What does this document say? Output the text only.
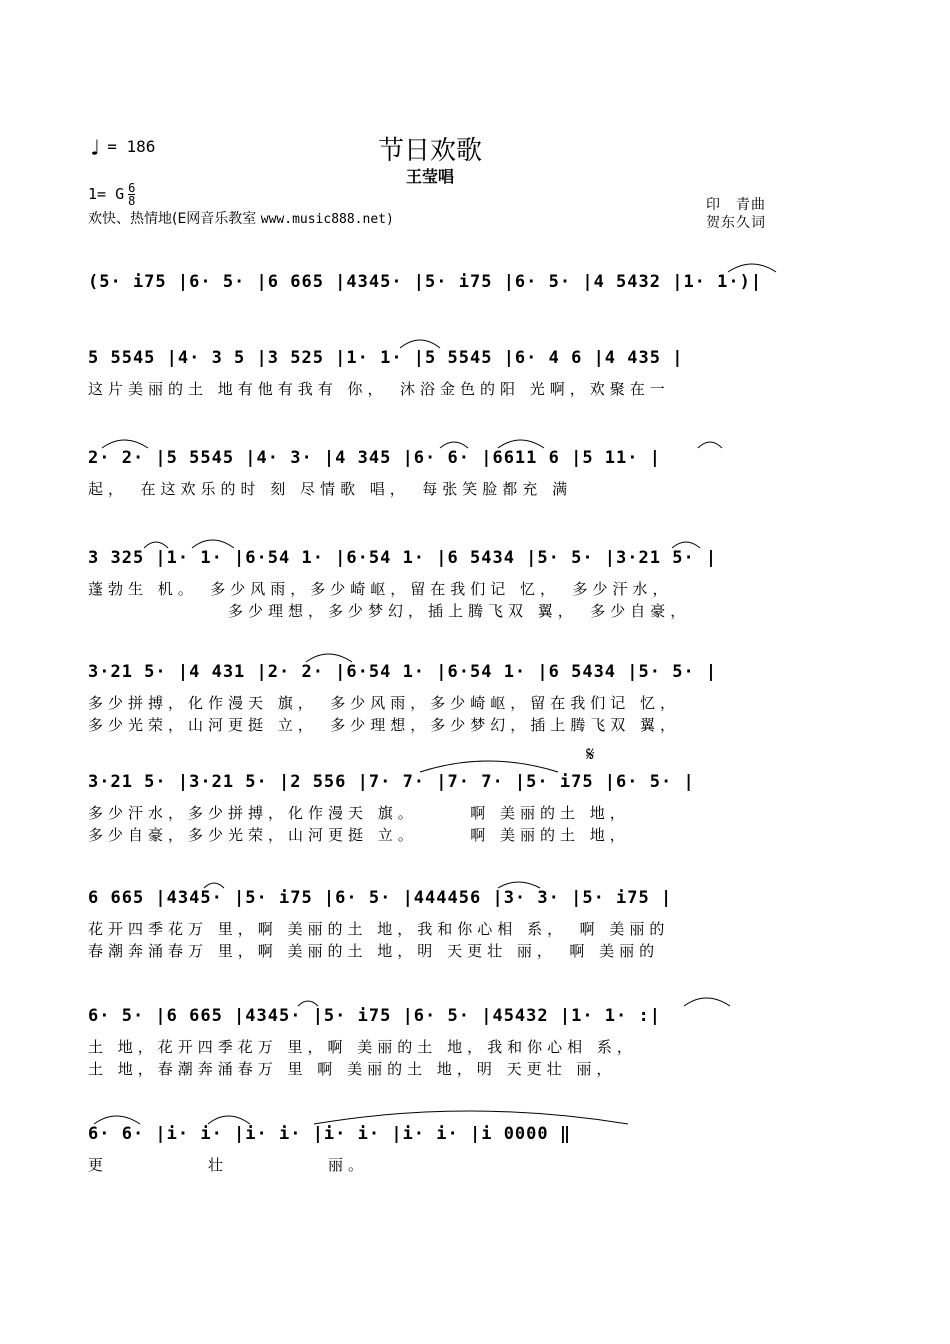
♩ = 186	节日欢歌
王莹唱
1= G $\frac{6}{8}$
欢快、热情地(E网音乐教室 www.music888.net)
印　青曲
贺东久词
(5· i75 |6· 5· |6 665 |4345· |5· i75 |6· 5· |4 5432 |1· 1·)|
5 5545 |4· 3 5 |3 525 |1· 1· |5 5545 |6· 4 6 |4 435 |
这片美丽的土 地有他有我有 你，　沐浴金色的阳 光啊，欢聚在一
2· 2· |5 5545 |4· 3· |4 345 |6· 6· |6611 6 |5 11· |
起，　在这欢乐的时 刻 尽情歌 唱，　每张笑脸都充 满
3 325 |1· 1· |6·54 1· |6·54 1· |6 5434 |5· 5· |3·21 5· |
蓬勃生 机。　多少风雨，多少崎岖，留在我们记 忆，　多少汗水，
　　　　　　　多少理想，多少梦幻，插上腾飞双 翼，　多少自豪，
3·21 5· |4 431 |2· 2· |6·54 1· |6·54 1· |6 5434 |5· 5· |
多少拼搏，化作漫天 旗，　多少风雨，多少崎岖，留在我们记 忆，
多少光荣，山河更挺 立，　多少理想，多少梦幻，插上腾飞双 翼，
𝄋
3·21 5· |3·21 5· |2 556 |7· 7· |7· 7· |5· i75 |6· 5· |
多少汗水，多少拼搏，化作漫天 旗。　　　啊 美丽的土 地，
多少自豪，多少光荣，山河更挺 立。　　　啊 美丽的土 地，
6 665 |4345· |5· i75 |6· 5· |444456 |3· 3· |5· i75 |
花开四季花万 里，啊 美丽的土 地，我和你心相 系，　啊 美丽的
春潮奔涌春万 里，啊 美丽的土 地，明 天更壮 丽，　啊 美丽的
6· 5· |6 665 |4345· |5· i75 |6· 5· |45432 |1· 1· :|
土 地，花开四季花万 里，啊 美丽的土 地，我和你心相 系，
土 地，春潮奔涌春万 里 啊 美丽的土 地，明 天更壮 丽，
6· 6· |i· i· |i· i· |i· i· |i· i· |i 0000 ‖
更　　　　　壮　　　　　丽。
